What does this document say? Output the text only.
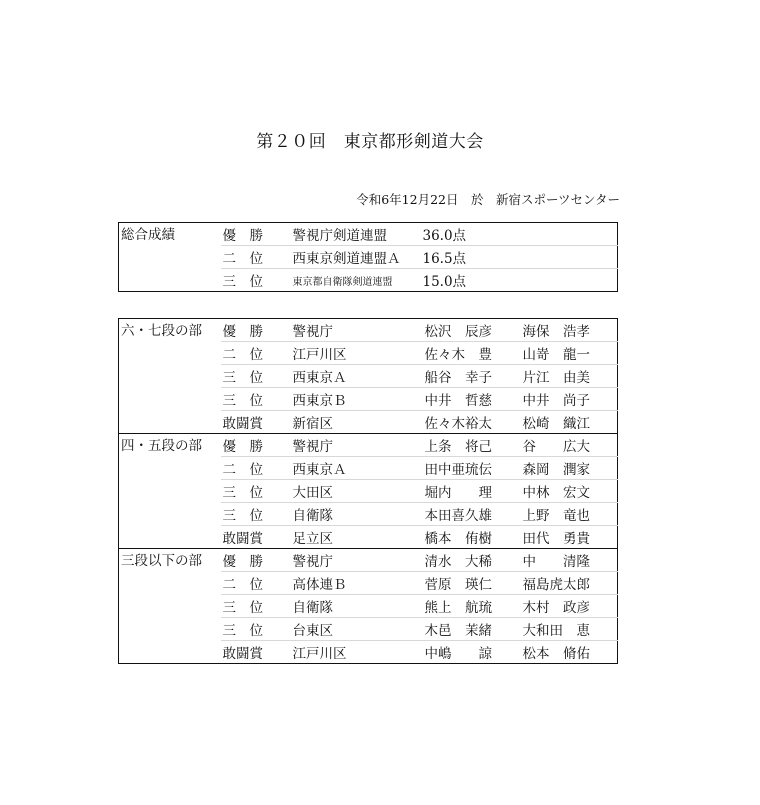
第２０回　東京都形剣道大会
令和6年12月22日　於　新宿スポーツセンター
総合成績	優　勝	警視庁剣道連盟	36.0点
	二　位	西東京剣道連盟Ａ	16.5点
	三　位	東京都自衛隊剣道連盟	15.0点
六・七段の部	優　勝	警視庁	松沢　辰彦	海保　浩孝
	二　位	江戸川区	佐々木　豊	山嵜　龍一
	三　位	西東京Ａ	船谷　幸子	片江　由美
	三　位	西東京Ｂ	中井　哲慈	中井　尚子
	敢闘賞	新宿区	佐々木裕太	松崎　織江
四・五段の部	優　勝	警視庁	上条　将己	谷　　広大
	二　位	西東京Ａ	田中亜琉伝	森岡　潤家
	三　位	大田区	堀内　　理	中林　宏文
	三　位	自衛隊	本田喜久雄	上野　竜也
	敢闘賞	足立区	橋本　侑樹	田代　勇貴
三段以下の部	優　勝	警視庁	清水　大稀	中　　清隆
	二　位	高体連Ｂ	菅原　瑛仁	福島虎太郎
	三　位	自衛隊	熊上　航琉	木村　政彦
	三　位	台東区	木邑　茉緒	大和田　恵
	敢闘賞	江戸川区	中嶋　　諒	松本　脩佑
